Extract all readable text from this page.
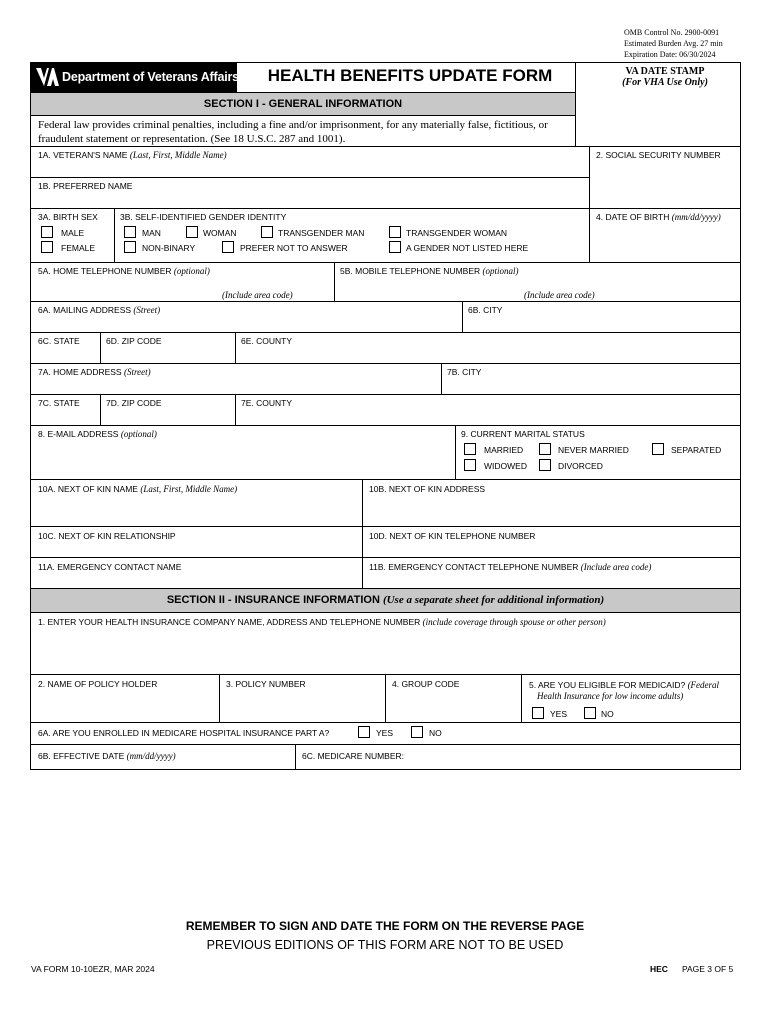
OMB Control No. 2900-0091
Estimated Burden Avg. 27 min
Expiration Date: 06/30/2024
Department of Veterans Affairs	HEALTH BENEFITS UPDATE FORM	VA DATE STAMP
(For VHA Use Only)
SECTION I - GENERAL INFORMATION
Federal law provides criminal penalties, including a fine and/or imprisonment, for any materially false, fictitious, or fraudulent statement or representation. (See 18 U.S.C. 287 and 1001).
1A. VETERAN'S NAME (Last, First, Middle Name)	2. SOCIAL SECURITY NUMBER
1B. PREFERRED NAME
3A. BIRTH SEX
MALE
FEMALE
3B. SELF-IDENTIFIED GENDER IDENTITY
MAN	WOMAN	TRANSGENDER MAN	TRANSGENDER WOMAN
NON-BINARY	PREFER NOT TO ANSWER	A GENDER NOT LISTED HERE
4. DATE OF BIRTH (mm/dd/yyyy)
5A. HOME TELEPHONE NUMBER (optional)
(Include area code)
5B. MOBILE TELEPHONE NUMBER (optional)
(Include area code)
6A. MAILING ADDRESS (Street)	6B. CITY
6C. STATE	6D. ZIP CODE	6E. COUNTY
7A. HOME ADDRESS (Street)	7B. CITY
7C. STATE	7D. ZIP CODE	7E. COUNTY
8. E-MAIL ADDRESS (optional)	9. CURRENT MARITAL STATUS
MARRIED	NEVER MARRIED	SEPARATED
WIDOWED	DIVORCED
10A. NEXT OF KIN NAME (Last, First, Middle Name)	10B. NEXT OF KIN ADDRESS
10C. NEXT OF KIN RELATIONSHIP	10D. NEXT OF KIN TELEPHONE NUMBER
11A. EMERGENCY CONTACT NAME	11B. EMERGENCY CONTACT TELEPHONE NUMBER (Include area code)
SECTION II - INSURANCE INFORMATION (Use a separate sheet for additional information)
1. ENTER YOUR HEALTH INSURANCE COMPANY NAME, ADDRESS AND TELEPHONE NUMBER (include coverage through spouse or other person)
2. NAME OF POLICY HOLDER	3. POLICY NUMBER	4. GROUP CODE	5. ARE YOU ELIGIBLE FOR MEDICAID? (Federal
Health Insurance for low income adults)
YES	NO
6A. ARE YOU ENROLLED IN MEDICARE HOSPITAL INSURANCE PART A?	YES	NO
6B. EFFECTIVE DATE (mm/dd/yyyy)	6C. MEDICARE NUMBER:
REMEMBER TO SIGN AND DATE THE FORM ON THE REVERSE PAGE
PREVIOUS EDITIONS OF THIS FORM ARE NOT TO BE USED
VA FORM 10-10EZR, MAR 2024	HEC PAGE 3 OF 5
